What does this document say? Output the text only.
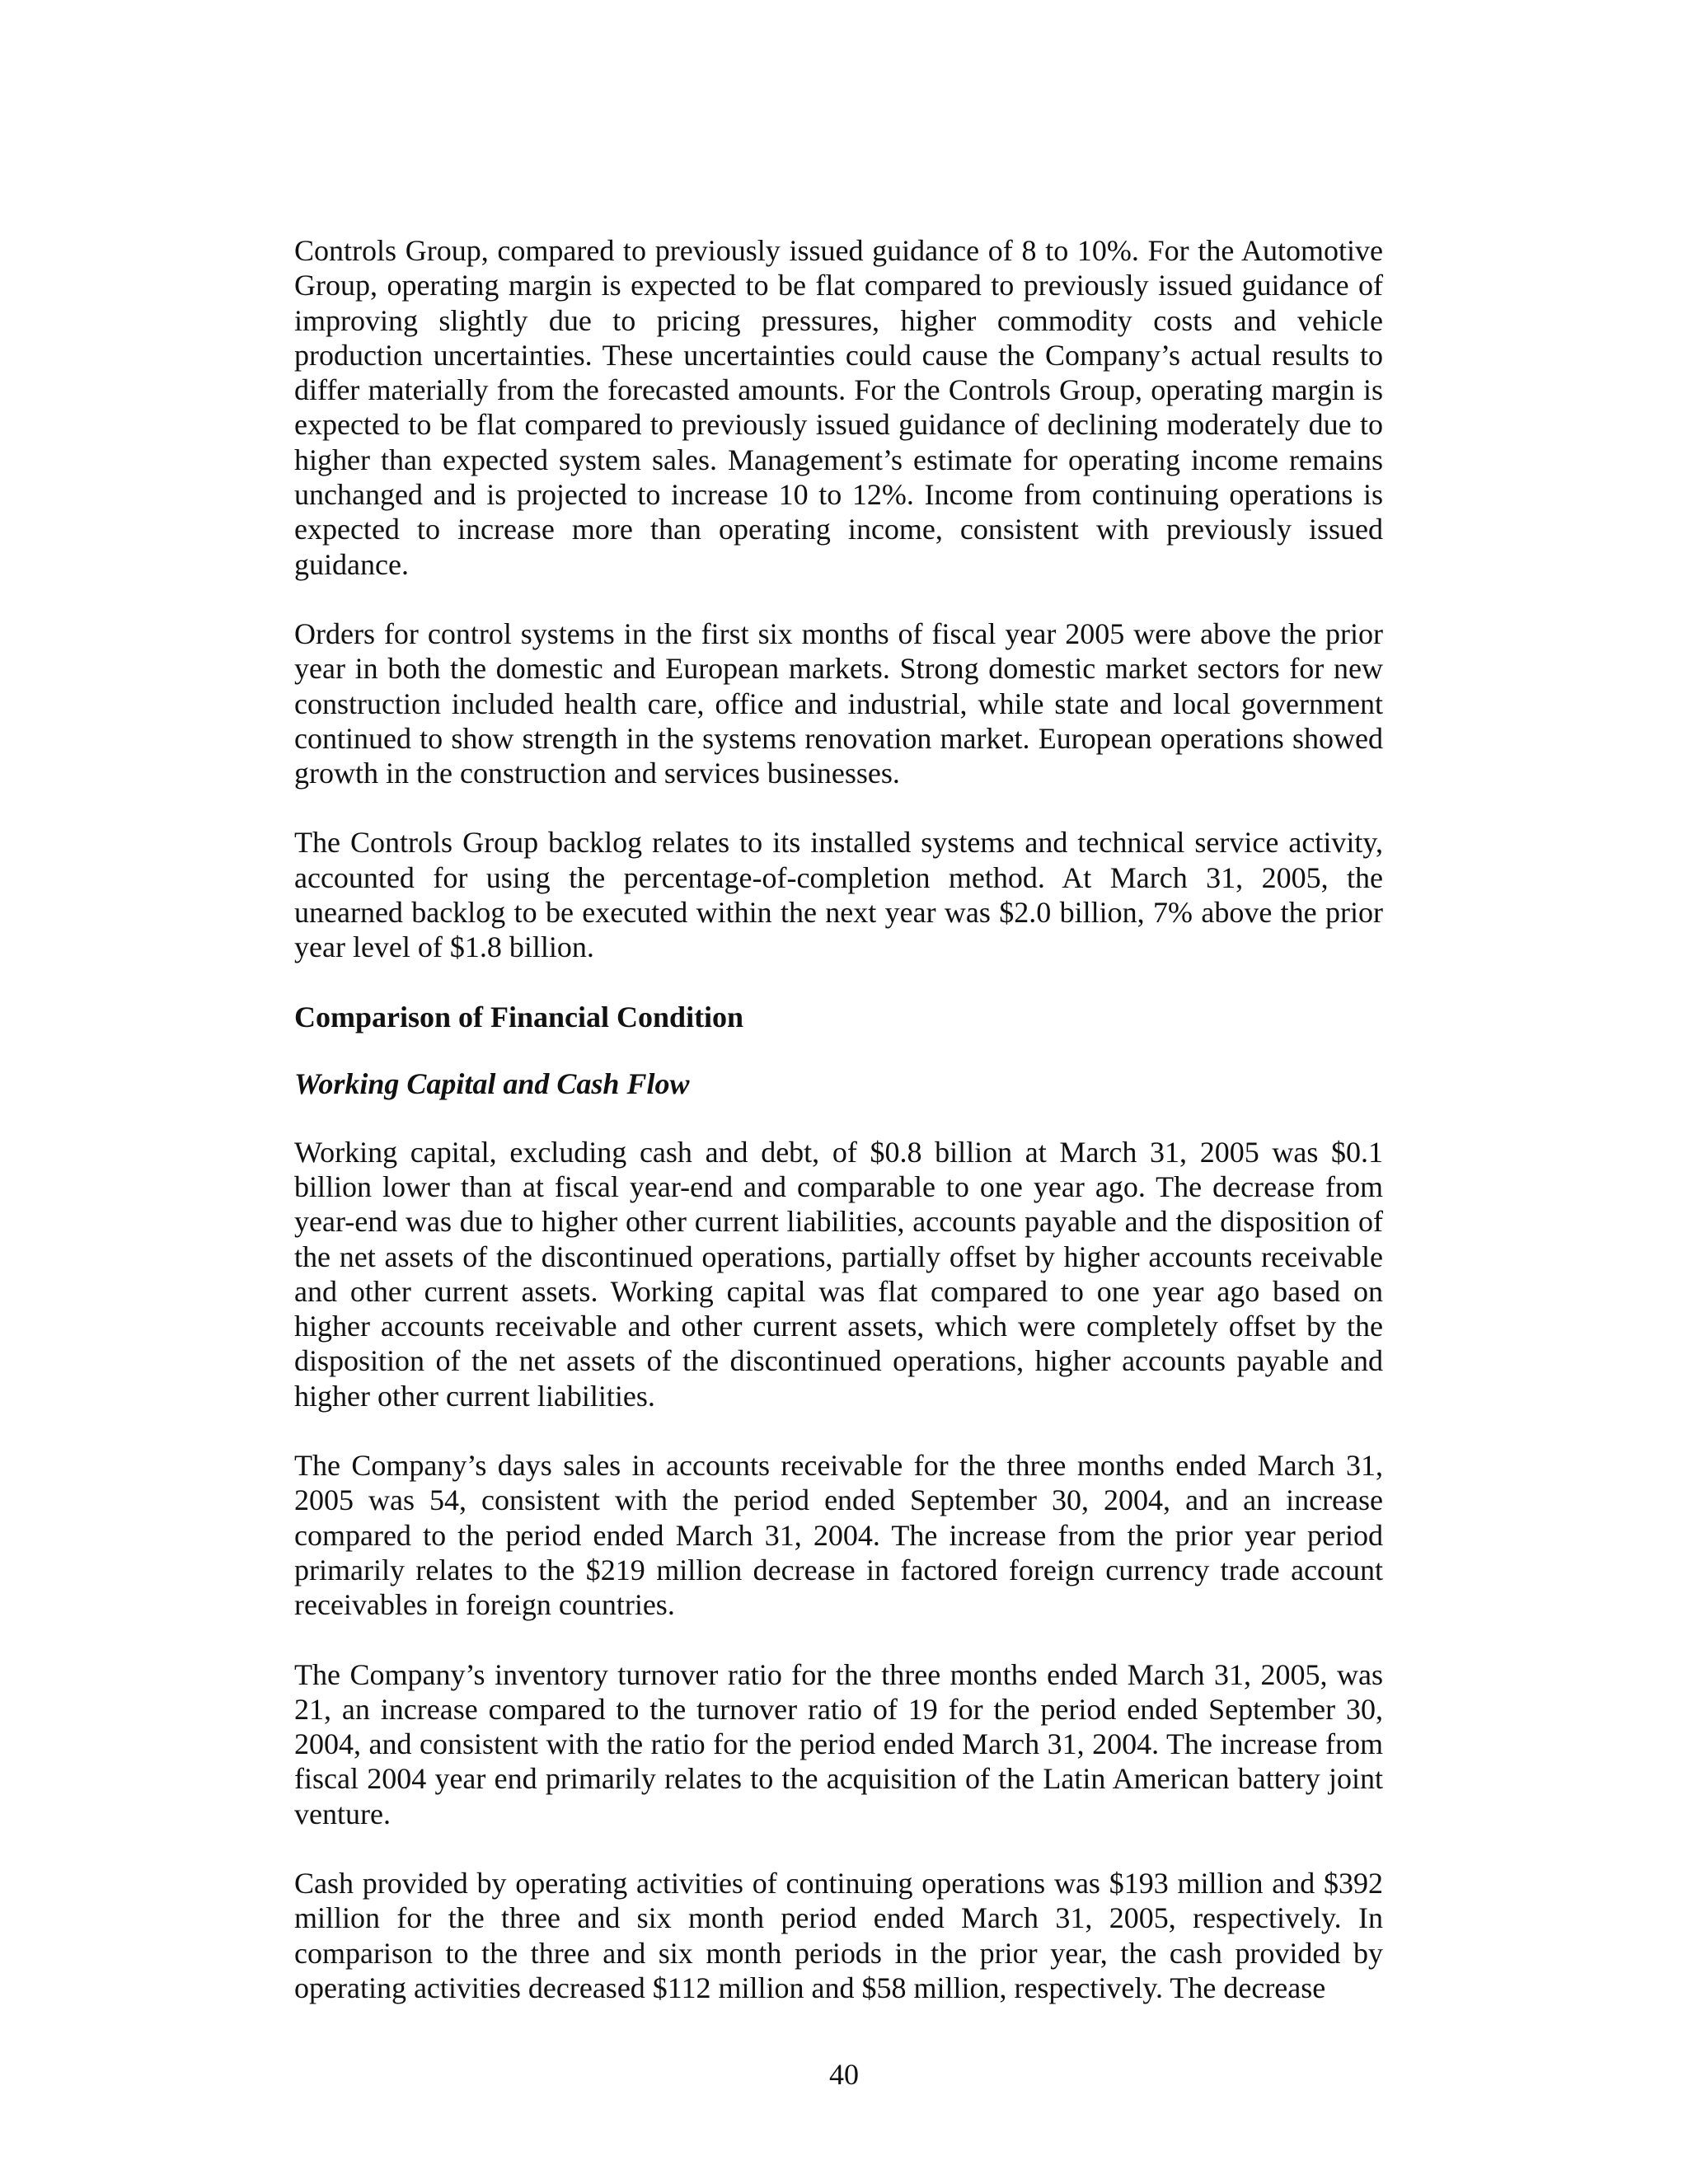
Controls Group, compared to previously issued guidance of 8 to 10%. For the Automotive Group, operating margin is expected to be flat compared to previously issued guidance of improving slightly due to pricing pressures, higher commodity costs and vehicle production uncertainties. These uncertainties could cause the Company’s actual results to differ materially from the forecasted amounts. For the Controls Group, operating margin is expected to be flat compared to previously issued guidance of declining moderately due to higher than expected system sales. Management’s estimate for operating income remains unchanged and is projected to increase 10 to 12%. Income from continuing operations is expected to increase more than operating income, consistent with previously issued guidance.

Orders for control systems in the first six months of fiscal year 2005 were above the prior year in both the domestic and European markets. Strong domestic market sectors for new construction included health care, office and industrial, while state and local government continued to show strength in the systems renovation market. European operations showed growth in the construction and services businesses.

The Controls Group backlog relates to its installed systems and technical service activity, accounted for using the percentage-of-completion method. At March 31, 2005, the unearned backlog to be executed within the next year was $2.0 billion, 7% above the prior year level of $1.8 billion.

Comparison of Financial Condition
Working Capital and Cash Flow

Working capital, excluding cash and debt, of $0.8 billion at March 31, 2005 was $0.1 billion lower than at fiscal year-end and comparable to one year ago. The decrease from year-end was due to higher other current liabilities, accounts payable and the disposition of the net assets of the discontinued operations, partially offset by higher accounts receivable and other current assets. Working capital was flat compared to one year ago based on higher accounts receivable and other current assets, which were completely offset by the disposition of the net assets of the discontinued operations, higher accounts payable and higher other current liabilities.

The Company’s days sales in accounts receivable for the three months ended March 31, 2005 was 54, consistent with the period ended September 30, 2004, and an increase compared to the period ended March 31, 2004. The increase from the prior year period primarily relates to the $219 million decrease in factored foreign currency trade account receivables in foreign countries.

The Company’s inventory turnover ratio for the three months ended March 31, 2005, was 21, an increase compared to the turnover ratio of 19 for the period ended September 30, 2004, and consistent with the ratio for the period ended March 31, 2004. The increase from fiscal 2004 year end primarily relates to the acquisition of the Latin American battery joint venture.

Cash provided by operating activities of continuing operations was $193 million and $392 million for the three and six month period ended March 31, 2005, respectively. In comparison to the three and six month periods in the prior year, the cash provided by operating activities decreased $112 million and $58 million, respectively. The decrease

40
